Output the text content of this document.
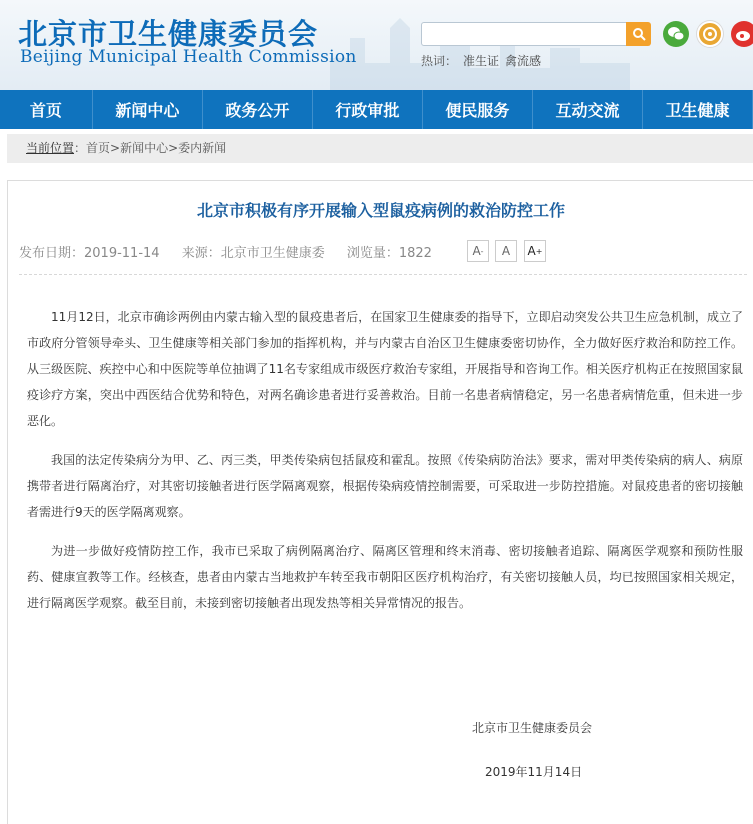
北京市卫生健康委员会
Beijing Municipal Health Commission	热词： 准生证 禽流感
首页	新闻中心	政务公开	行政审批	便民服务	互动交流	卫生健康
当前位置：首页>新闻中心>委内新闻
北京市积极有序开展输入型鼠疫病例的救治防控工作
发布日期：2019-11-14 来源：北京市卫生健康委 浏览量：1822	A - A A +

11月12日，北京市确诊两例由内蒙古输入型的鼠疫患者后，在国家卫生健康委的指导下，立即启动突发公共卫生应急机制，成立了市政府分管领导牵头、卫生健康等相关部门参加的指挥机构，并与内蒙古自治区卫生健康委密切协作，全力做好医疗救治和防控工作。从三级医院、疾控中心和中医院等单位抽调了11名专家组成市级医疗救治专家组，开展指导和咨询工作。相关医疗机构正在按照国家鼠疫诊疗方案，突出中西医结合优势和特色，对两名确诊患者进行妥善救治。目前一名患者病情稳定，另一名患者病情危重，但未进一步恶化。

我国的法定传染病分为甲、乙、丙三类，甲类传染病包括鼠疫和霍乱。按照《传染病防治法》要求，需对甲类传染病的病人、病原携带者进行隔离治疗，对其密切接触者进行医学隔离观察，根据传染病疫情控制需要，可采取进一步防控措施。对鼠疫患者的密切接触者需进行9天的医学隔离观察。

为进一步做好疫情防控工作，我市已采取了病例隔离治疗、隔离区管理和终末消毒、密切接触者追踪、隔离医学观察和预防性服药、健康宣教等工作。经核查，患者由内蒙古当地救护车转至我市朝阳区医疗机构治疗，有关密切接触人员，均已按照国家相关规定，进行隔离医学观察。截至目前，未接到密切接触者出现发热等相关异常情况的报告。

北京市卫生健康委员会
2019年11月14日
